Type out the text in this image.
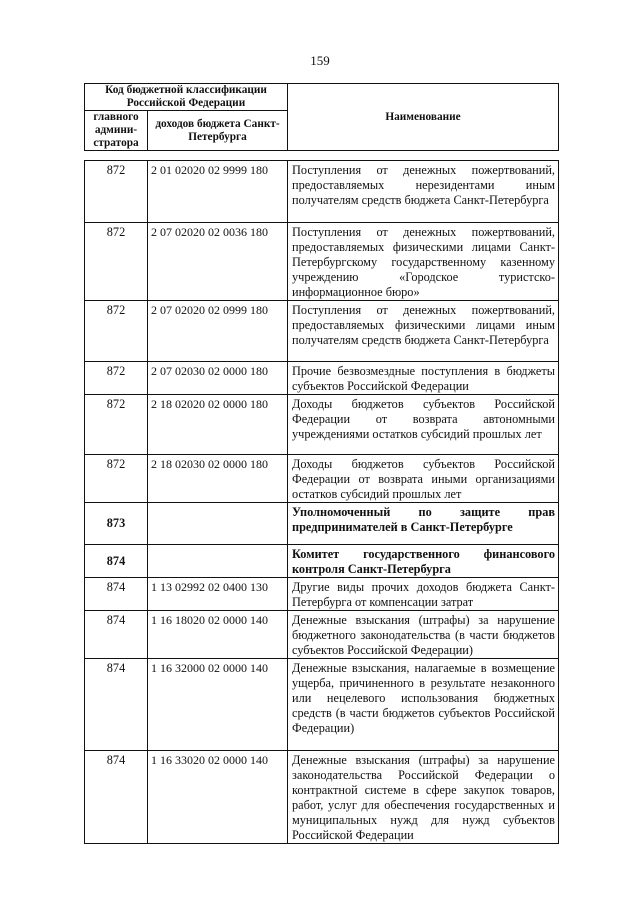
159
Код бюджетной классификации Российской Федерации		Наименование
главного админи-стратора	доходов бюджета Санкт-Петербурга	
872	2 01 02020 02 9999 180	Поступления от денежных пожертвований, предоставляемых нерезидентами иным получателям средств бюджета Санкт-Петербурга
872	2 07 02020 02 0036 180	Поступления от денежных пожертвований, предоставляемых физическими лицами Санкт-Петербургскому государственному казенному учреждению «Городское туристско-информационное бюро»
872	2 07 02020 02 0999 180	Поступления от денежных пожертвований, предоставляемых физическими лицами иным получателям средств бюджета Санкт-Петербурга
872	2 07 02030 02 0000 180	Прочие безвозмездные поступления в бюджеты субъектов Российской Федерации
872	2 18 02020 02 0000 180	Доходы бюджетов субъектов Российской Федерации от возврата автономными учреждениями остатков субсидий прошлых лет
872	2 18 02030 02 0000 180	Доходы бюджетов субъектов Российской Федерации от возврата иными организациями остатков субсидий прошлых лет
873		Уполномоченный по защите прав предпринимателей в Санкт-Петербурге
874		Комитет государственного финансового контроля Санкт-Петербурга
874	1 13 02992 02 0400 130	Другие виды прочих доходов бюджета Санкт-Петербурга от компенсации затрат
874	1 16 18020 02 0000 140	Денежные взыскания (штрафы) за нарушение бюджетного законодательства (в части бюджетов субъектов Российской Федерации)
874	1 16 32000 02 0000 140	Денежные взыскания, налагаемые в возмещение ущерба, причиненного в результате незаконного или нецелевого использования бюджетных средств (в части бюджетов субъектов Российской Федерации)
874	1 16 33020 02 0000 140	Денежные взыскания (штрафы) за нарушение законодательства Российской Федерации о контрактной системе в сфере закупок товаров, работ, услуг для обеспечения государственных и муниципальных нужд для нужд субъектов Российской Федерации
